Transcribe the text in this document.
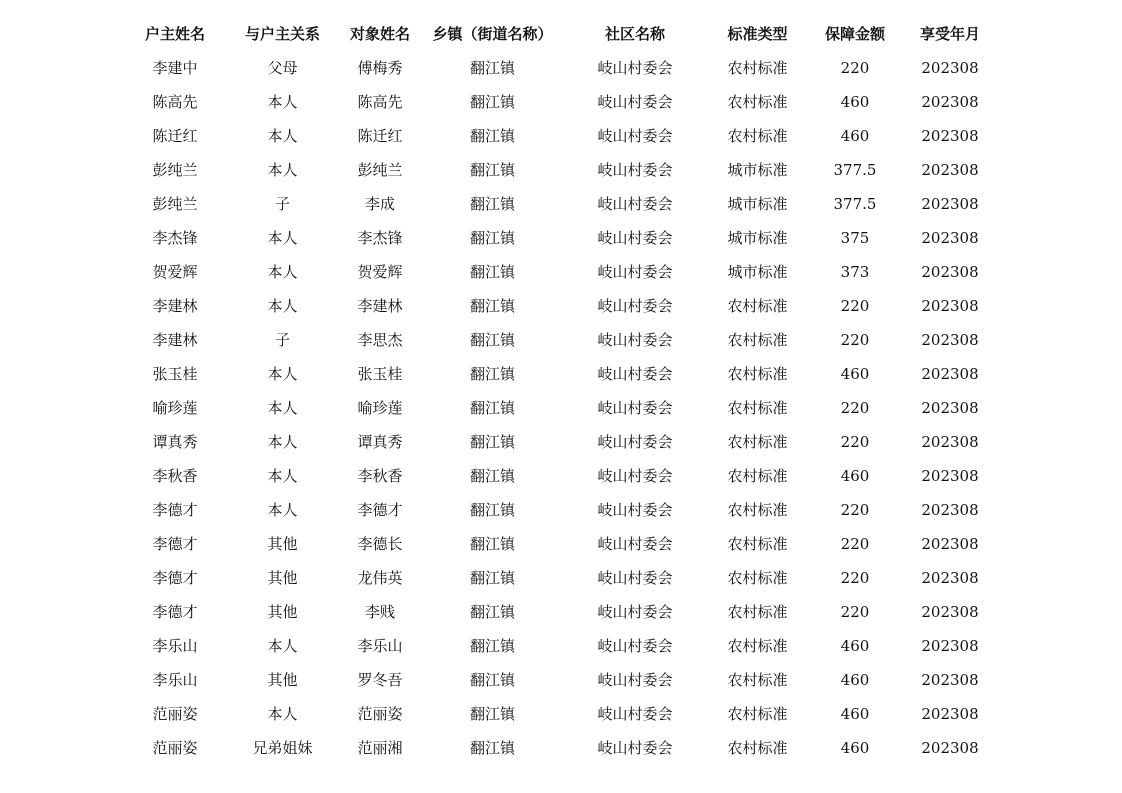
户主姓名	与户主关系	对象姓名	乡镇（街道名称）	社区名称	标准类型	保障金额	享受年月
李建中	父母	傅梅秀	翻江镇	岐山村委会	农村标准	220	202308
陈高先	本人	陈高先	翻江镇	岐山村委会	农村标准	460	202308
陈迁红	本人	陈迁红	翻江镇	岐山村委会	农村标准	460	202308
彭纯兰	本人	彭纯兰	翻江镇	岐山村委会	城市标准	377.5	202308
彭纯兰	子	李成	翻江镇	岐山村委会	城市标准	377.5	202308
李杰锋	本人	李杰锋	翻江镇	岐山村委会	城市标准	375	202308
贺爱辉	本人	贺爱辉	翻江镇	岐山村委会	城市标准	373	202308
李建林	本人	李建林	翻江镇	岐山村委会	农村标准	220	202308
李建林	子	李思杰	翻江镇	岐山村委会	农村标准	220	202308
张玉桂	本人	张玉桂	翻江镇	岐山村委会	农村标准	460	202308
喻珍莲	本人	喻珍莲	翻江镇	岐山村委会	农村标准	220	202308
谭真秀	本人	谭真秀	翻江镇	岐山村委会	农村标准	220	202308
李秋香	本人	李秋香	翻江镇	岐山村委会	农村标准	460	202308
李德才	本人	李德才	翻江镇	岐山村委会	农村标准	220	202308
李德才	其他	李德长	翻江镇	岐山村委会	农村标准	220	202308
李德才	其他	龙伟英	翻江镇	岐山村委会	农村标准	220	202308
李德才	其他	李贱	翻江镇	岐山村委会	农村标准	220	202308
李乐山	本人	李乐山	翻江镇	岐山村委会	农村标准	460	202308
李乐山	其他	罗冬吾	翻江镇	岐山村委会	农村标准	460	202308
范丽姿	本人	范丽姿	翻江镇	岐山村委会	农村标准	460	202308
范丽姿	兄弟姐妹	范丽湘	翻江镇	岐山村委会	农村标准	460	202308
